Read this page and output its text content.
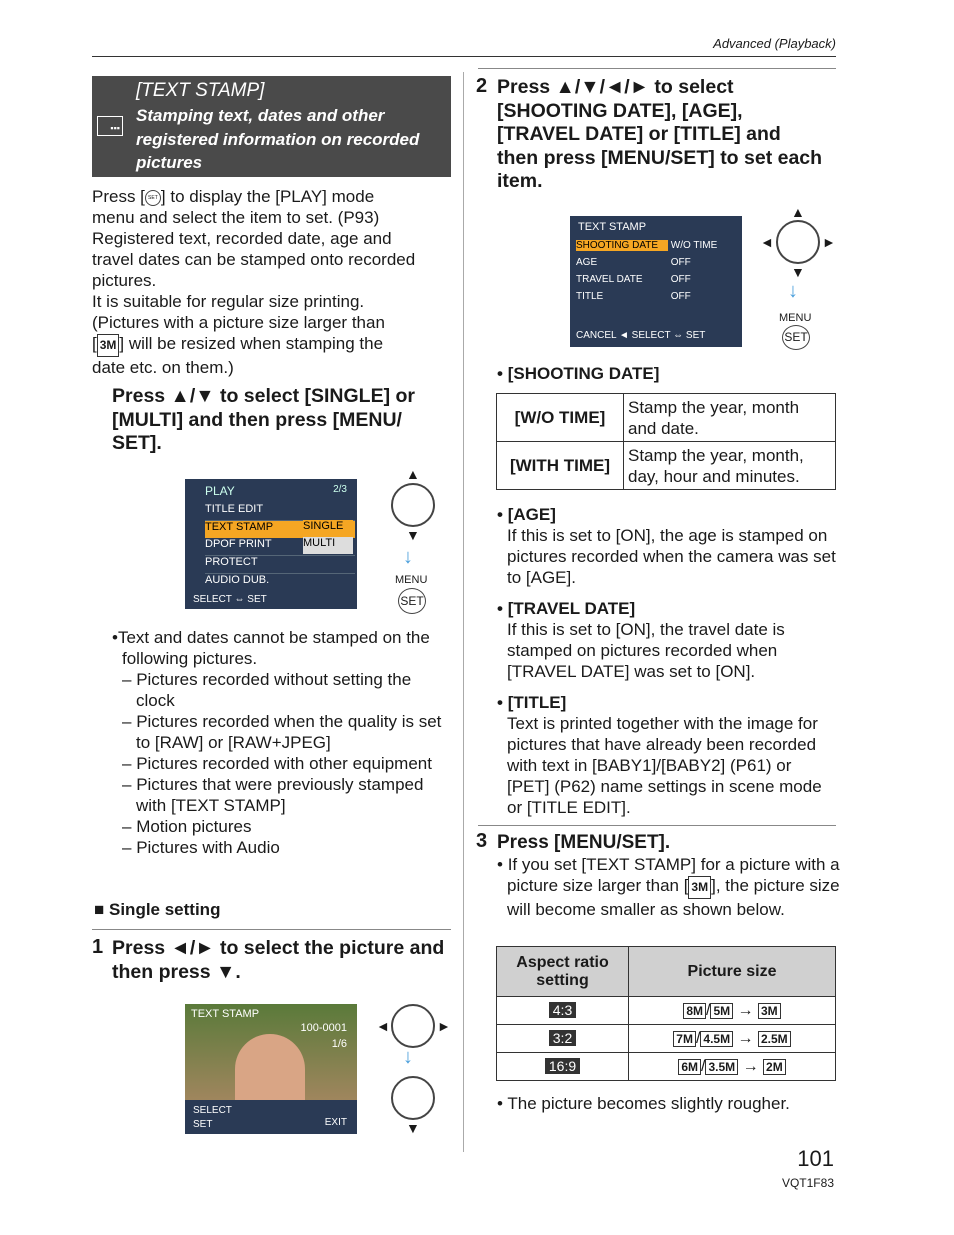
Advanced (Playback)
▪▪▪
[TEXT STAMP]
Stamping text, dates and other registered information on recorded pictures
Press [ SET ] to display the [PLAY] mode
menu and select the item to set. (P93)
Registered text, recorded date, age and
travel dates can be stamped onto recorded
pictures.
It is suitable for regular size printing.
(Pictures with a picture size larger than
[ 3M ] will be resized when stamping the
date etc. on them.)
Press ▲/▼ to select [SINGLE] or [MULTI] and then press [MENU/ SET].
PLAY	2/3
TITLE EDIT
TEXT STAMP
DPOF PRINT
PROTECT
AUDIO DUB.
SINGLE
MULTI
SELECT ⇔ SET
▲
▼
↓
MENU
SET
•Text and dates cannot be stamped on the following pictures.
– Pictures recorded without setting the clock
– Pictures recorded when the quality is set to [RAW] or [RAW+JPEG]
– Pictures recorded with other equipment
– Pictures that were previously stamped with [TEXT STAMP]
– Motion pictures
– Pictures with Audio
■ Single setting
1 Press ◄/► to select the picture and then press ▼.
TEXT STAMP
100-0001
1/6
SELECT
SET	EXIT
◄	►
↓
▼
2 Press ▲/▼/◄/► to select [SHOOTING DATE], [AGE], [TRAVEL DATE] or [TITLE] and then press [MENU/SET] to set each item.
TEXT STAMP
SHOOTING DATE W/O TIME
AGE	OFF
TRAVEL DATE	OFF
TITLE	OFF
CANCEL ◄ SELECT ⇔ SET
▲
◄	►
▼
↓
MENU
SET
• [SHOOTING DATE]
[W/O TIME]	Stamp the year, month and date.
[WITH TIME]	Stamp the year, month, day, hour and minutes.
• [AGE]
If this is set to [ON], the age is stamped on pictures recorded when the camera was set to [AGE].
• [TRAVEL DATE]
If this is set to [ON], the travel date is stamped on pictures recorded when [TRAVEL DATE] was set to [ON].
• [TITLE]
Text is printed together with the image for pictures that have already been recorded with text in [BABY1]/[BABY2] (P61) or [PET] (P62) name settings in scene mode or [TITLE EDIT].
3 Press [MENU/SET].
• If you set [TEXT STAMP] for a picture with a picture size larger than [ 3M ], the picture size will become smaller as shown below.
Aspect ratio setting	Picture size
4:3	8M / 5M → 3M
3:2	7M / 4.5M → 2.5M
16:9	6M / 3.5M → 2M
• The picture becomes slightly rougher.
101
VQT1F83
